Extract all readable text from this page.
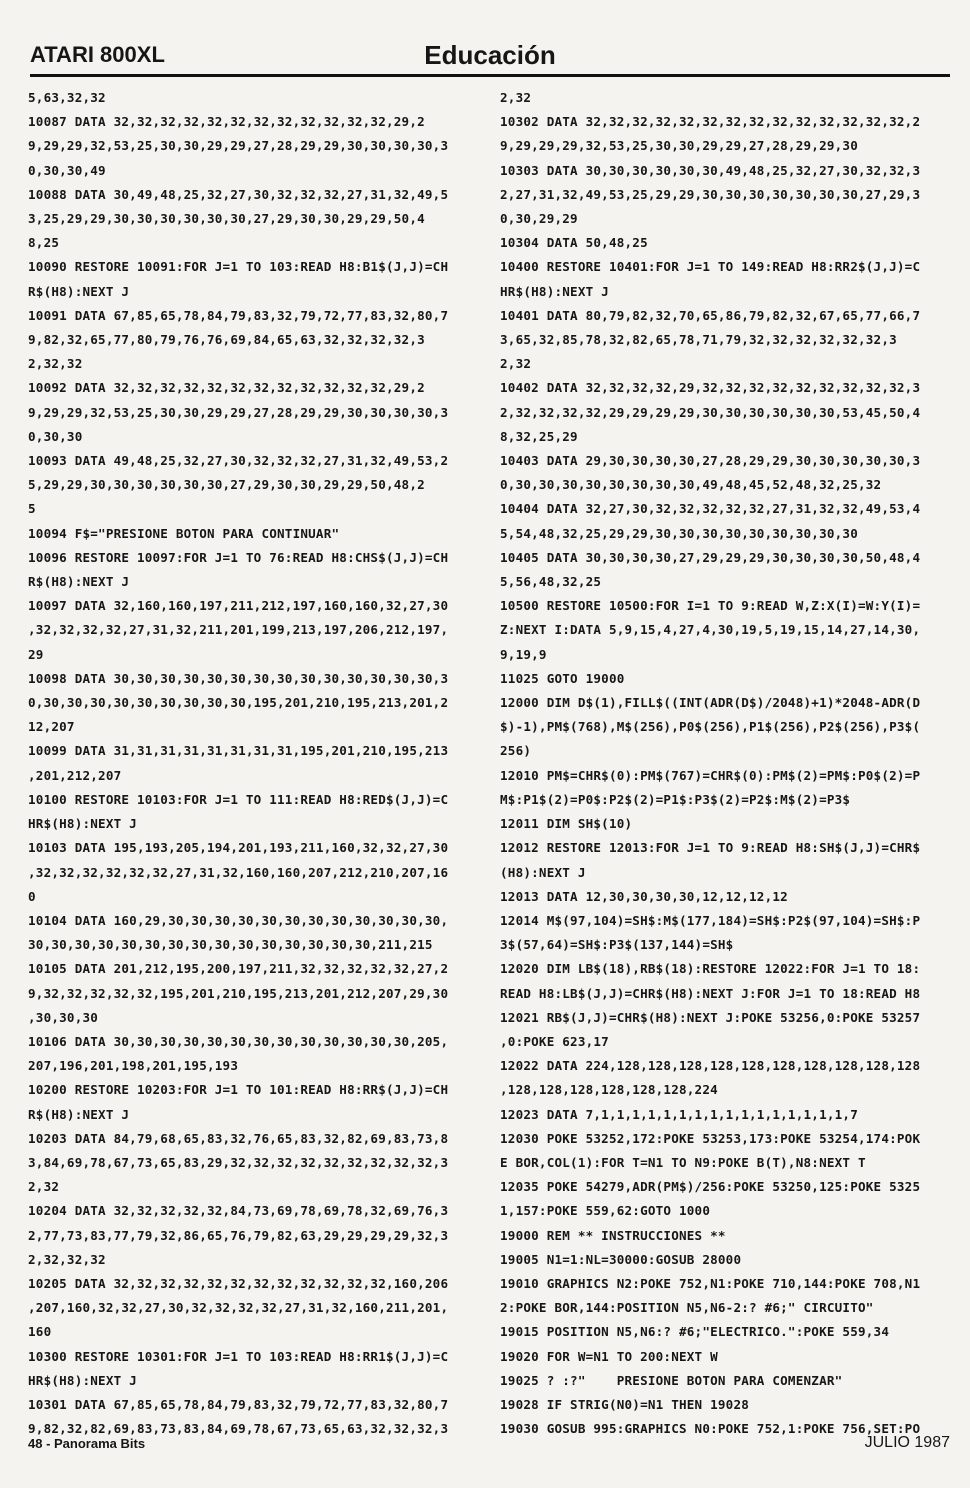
ATARI 800XL	Educación
5,63,32,32
10087 DATA 32,32,32,32,32,32,32,32,32,32,32,32,29,2
9,29,29,32,53,25,30,30,29,29,27,28,29,29,30,30,30,30,3
0,30,30,49
10088 DATA 30,49,48,25,32,27,30,32,32,32,27,31,32,49,5
3,25,29,29,30,30,30,30,30,30,27,29,30,30,29,29,50,4
8,25
10090 RESTORE 10091:FOR J=1 TO 103:READ H8:B1$(J,J)=CH
R$(H8):NEXT J
10091 DATA 67,85,65,78,84,79,83,32,79,72,77,83,32,80,7
9,82,32,65,77,80,79,76,76,69,84,65,63,32,32,32,32,3
2,32,32
10092 DATA 32,32,32,32,32,32,32,32,32,32,32,32,29,2
9,29,29,32,53,25,30,30,29,29,27,28,29,29,30,30,30,30,3
0,30,30
10093 DATA 49,48,25,32,27,30,32,32,32,27,31,32,49,53,2
5,29,29,30,30,30,30,30,30,27,29,30,30,29,29,50,48,2
5
10094 F$="PRESIONE BOTON PARA CONTINUAR"
10096 RESTORE 10097:FOR J=1 TO 76:READ H8:CHS$(J,J)=CH
R$(H8):NEXT J
10097 DATA 32,160,160,197,211,212,197,160,160,32,27,30
,32,32,32,32,27,31,32,211,201,199,213,197,206,212,197,
29
10098 DATA 30,30,30,30,30,30,30,30,30,30,30,30,30,30,3
0,30,30,30,30,30,30,30,30,30,195,201,210,195,213,201,2
12,207
10099 DATA 31,31,31,31,31,31,31,31,195,201,210,195,213
,201,212,207
10100 RESTORE 10103:FOR J=1 TO 111:READ H8:RED$(J,J)=C
HR$(H8):NEXT J
10103 DATA 195,193,205,194,201,193,211,160,32,32,27,30
,32,32,32,32,32,32,27,31,32,160,160,207,212,210,207,16
0
10104 DATA 160,29,30,30,30,30,30,30,30,30,30,30,30,30,
30,30,30,30,30,30,30,30,30,30,30,30,30,30,30,211,215
10105 DATA 201,212,195,200,197,211,32,32,32,32,32,27,2
9,32,32,32,32,32,195,201,210,195,213,201,212,207,29,30
,30,30,30
10106 DATA 30,30,30,30,30,30,30,30,30,30,30,30,30,205,
207,196,201,198,201,195,193
10200 RESTORE 10203:FOR J=1 TO 101:READ H8:RR$(J,J)=CH
R$(H8):NEXT J
10203 DATA 84,79,68,65,83,32,76,65,83,32,82,69,83,73,8
3,84,69,78,67,73,65,83,29,32,32,32,32,32,32,32,32,32,3
2,32
10204 DATA 32,32,32,32,32,84,73,69,78,69,78,32,69,76,3
2,77,73,83,77,79,32,86,65,76,79,82,63,29,29,29,29,32,3
2,32,32,32
10205 DATA 32,32,32,32,32,32,32,32,32,32,32,32,160,206
,207,160,32,32,27,30,32,32,32,32,27,31,32,160,211,201,
160
10300 RESTORE 10301:FOR J=1 TO 103:READ H8:RR1$(J,J)=C
HR$(H8):NEXT J
10301 DATA 67,85,65,78,84,79,83,32,79,72,77,83,32,80,7
9,82,32,82,69,83,73,83,84,69,78,67,73,65,63,32,32,32,3
2,32
10302 DATA 32,32,32,32,32,32,32,32,32,32,32,32,32,32,2
9,29,29,29,32,53,25,30,30,29,29,27,28,29,29,30
10303 DATA 30,30,30,30,30,30,49,48,25,32,27,30,32,32,3
2,27,31,32,49,53,25,29,29,30,30,30,30,30,30,30,27,29,3
0,30,29,29
10304 DATA 50,48,25
10400 RESTORE 10401:FOR J=1 TO 149:READ H8:RR2$(J,J)=C
HR$(H8):NEXT J
10401 DATA 80,79,82,32,70,65,86,79,82,32,67,65,77,66,7
3,65,32,85,78,32,82,65,78,71,79,32,32,32,32,32,32,3
2,32
10402 DATA 32,32,32,32,29,32,32,32,32,32,32,32,32,32,3
2,32,32,32,32,29,29,29,29,30,30,30,30,30,30,53,45,50,4
8,32,25,29
10403 DATA 29,30,30,30,30,27,28,29,29,30,30,30,30,30,3
0,30,30,30,30,30,30,30,30,49,48,45,52,48,32,25,32
10404 DATA 32,27,30,32,32,32,32,32,27,31,32,32,49,53,4
5,54,48,32,25,29,29,30,30,30,30,30,30,30,30,30
10405 DATA 30,30,30,30,27,29,29,29,30,30,30,30,50,48,4
5,56,48,32,25
10500 RESTORE 10500:FOR I=1 TO 9:READ W,Z:X(I)=W:Y(I)=
Z:NEXT I:DATA 5,9,15,4,27,4,30,19,5,19,15,14,27,14,30,
9,19,9
11025 GOTO 19000
12000 DIM D$(1),FILL$((INT(ADR(D$)/2048)+1)*2048-ADR(D
$)-1),PM$(768),M$(256),P0$(256),P1$(256),P2$(256),P3$(
256)
12010 PM$=CHR$(0):PM$(767)=CHR$(0):PM$(2)=PM$:P0$(2)=P
M$:P1$(2)=P0$:P2$(2)=P1$:P3$(2)=P2$:M$(2)=P3$
12011 DIM SH$(10)
12012 RESTORE 12013:FOR J=1 TO 9:READ H8:SH$(J,J)=CHR$
(H8):NEXT J
12013 DATA 12,30,30,30,30,12,12,12,12
12014 M$(97,104)=SH$:M$(177,184)=SH$:P2$(97,104)=SH$:P
3$(57,64)=SH$:P3$(137,144)=SH$
12020 DIM LB$(18),RB$(18):RESTORE 12022:FOR J=1 TO 18:
READ H8:LB$(J,J)=CHR$(H8):NEXT J:FOR J=1 TO 18:READ H8
12021 RB$(J,J)=CHR$(H8):NEXT J:POKE 53256,0:POKE 53257
,0:POKE 623,17
12022 DATA 224,128,128,128,128,128,128,128,128,128,128
,128,128,128,128,128,128,224
12023 DATA 7,1,1,1,1,1,1,1,1,1,1,1,1,1,1,1,1,7
12030 POKE 53252,172:POKE 53253,173:POKE 53254,174:POK
E BOR,COL(1):FOR T=N1 TO N9:POKE B(T),N8:NEXT T
12035 POKE 54279,ADR(PM$)/256:POKE 53250,125:POKE 5325
1,157:POKE 559,62:GOTO 1000
19000 REM ** INSTRUCCIONES **
19005 N1=1:NL=30000:GOSUB 28000
19010 GRAPHICS N2:POKE 752,N1:POKE 710,144:POKE 708,N1
2:POKE BOR,144:POSITION N5,N6-2:? #6;" CIRCUITO"
19015 POSITION N5,N6:? #6;"ELECTRICO.":POKE 559,34
19020 FOR W=N1 TO 200:NEXT W
19025 ? :?"    PRESIONE BOTON PARA COMENZAR"
19028 IF STRIG(N0)=N1 THEN 19028
19030 GOSUB 995:GRAPHICS N0:POKE 752,1:POKE 756,SET:PO
48 - Panorama Bits	JULIO 1987
